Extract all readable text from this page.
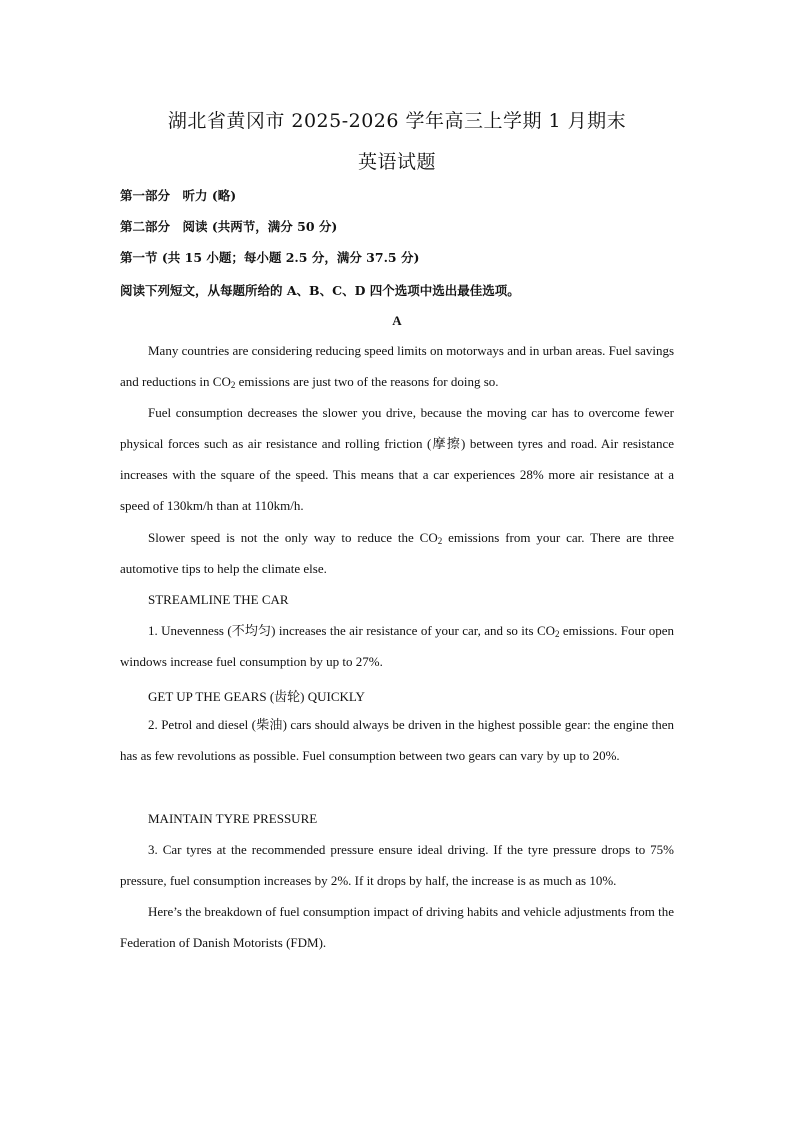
湖北省黄冈市 2025-2026 学年高三上学期 1 月期末
英语试题
第一部分　听力 (略)
第二部分　阅读 (共两节，满分 50 分)
第一节 (共 15 小题；每小题 2.5 分，满分 37.5 分)
阅读下列短文，从每题所给的 A、B、C、D 四个选项中选出最佳选项。
A

Many countries are considering reducing speed limits on motorways and in urban areas. Fuel savings and reductions in $CO_2$ emissions are just two of the reasons for doing so.

Fuel consumption decreases the slower you drive, because the moving car has to overcome fewer physical forces such as air resistance and rolling friction (摩擦) between tyres and road. Air resistance increases with the square of the speed. This means that a car experiences 28% more air resistance at a speed of 130km/h than at 110km/h.

Slower speed is not the only way to reduce the $CO_2$ emissions from your car. There are three automotive tips to help the climate else.

STREAMLINE THE CAR

1. Unevenness (不均匀) increases the air resistance of your car, and so its $CO_2$ emissions. Four open windows increase fuel consumption by up to 27%.

GET UP THE GEARS (齿轮) QUICKLY

2. Petrol and diesel (柴油) cars should always be driven in the highest possible gear: the engine then has as few revolutions as possible. Fuel consumption between two gears can vary by up to 20%.

MAINTAIN TYRE PRESSURE

3. Car tyres at the recommended pressure ensure ideal driving. If the tyre pressure drops to 75% pressure, fuel consumption increases by 2%. If it drops by half, the increase is as much as 10%.

Here’s the breakdown of fuel consumption impact of driving habits and vehicle adjustments from the Federation of Danish Motorists (FDM).
